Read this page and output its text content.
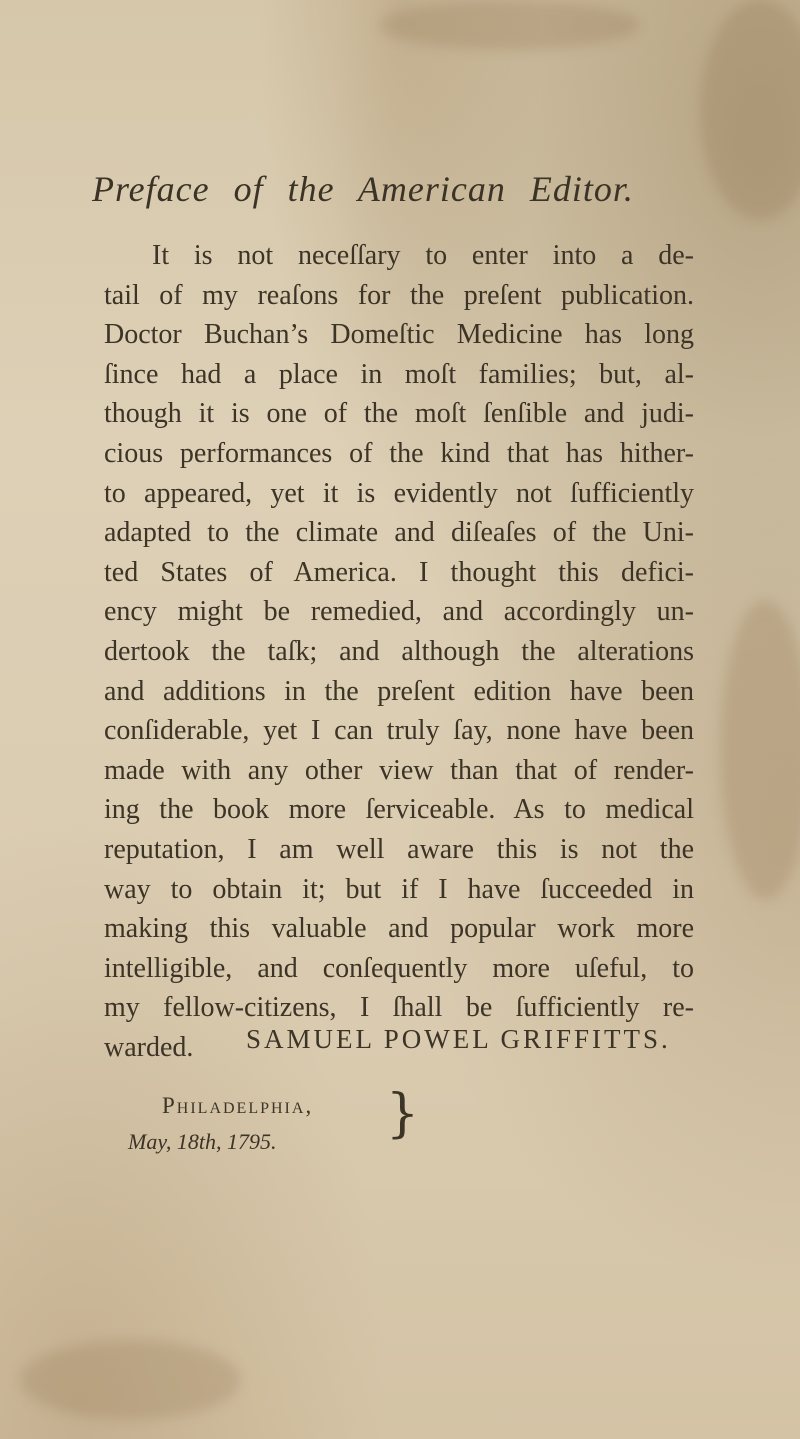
Preface of the American Editor.
It is not neceſſary to enter into a de-
tail of my reaſons for the preſent publication.
Doctor Buchan’s Domeſtic Medicine has long
ſince had a place in moſt families; but, al-
though it is one of the moſt ſenſible and judi-
cious performances of the kind that has hither-
to appeared, yet it is evidently not ſufficiently
adapted to the climate and diſeaſes of the Uni-
ted States of America. I thought this defici-
ency might be remedied, and accordingly un-
dertook the taſk; and although the alterations
and additions in the preſent edition have been
conſiderable, yet I can truly ſay, none have been
made with any other view than that of render-
ing the book more ſerviceable. As to medical
reputation, I am well aware this is not the
way to obtain it; but if I have ſucceeded in
making this valuable and popular work more
intelligible, and conſequently more uſeful, to
my fellow-citizens, I ſhall be ſufficiently re-
warded.	SAMUEL POWEL GRIFFITTS.
Philadelphia, }
May, 18th, 1795.
